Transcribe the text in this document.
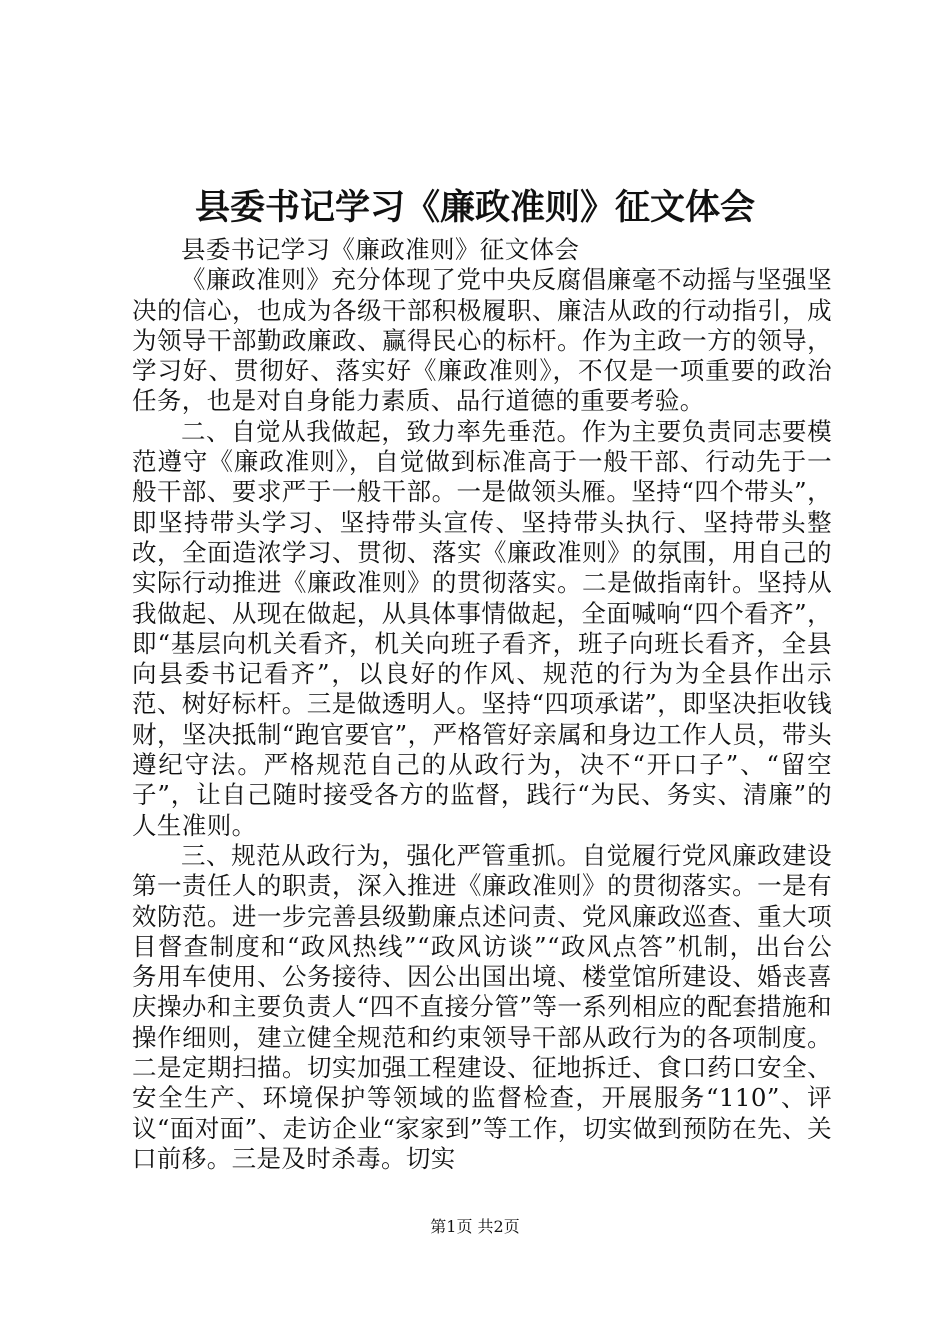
县委书记学习《廉政准则》征文体会

县委书记学习《廉政准则》征文体会

《廉政准则》充分体现了党中央反腐倡廉毫不动摇与坚强坚决的信心，也成为各级干部积极履职、廉洁从政的行动指引，成为领导干部勤政廉政、赢得民心的标杆。作为主政一方的领导，学习好、贯彻好、落实好《廉政准则》，不仅是一项重要的政治任务，也是对自身能力素质、品行道德的重要考验。

二、自觉从我做起，致力率先垂范。作为主要负责同志要模范遵守《廉政准则》，自觉做到标准高于一般干部、行动先于一般干部、要求严于一般干部。一是做领头雁。坚持“四个带头”，即坚持带头学习、坚持带头宣传、坚持带头执行、坚持带头整改，全面造浓学习、贯彻、落实《廉政准则》的氛围，用自己的实际行动推进《廉政准则》的贯彻落实。二是做指南针。坚持从我做起、从现在做起，从具体事情做起，全面喊响“四个看齐”，即“基层向机关看齐，机关向班子看齐，班子向班长看齐，全县向县委书记看齐”，以良好的作风、规范的行为为全县作出示范、树好标杆。三是做透明人。坚持“四项承诺”，即坚决拒收钱财，坚决抵制“跑官要官”，严格管好亲属和身边工作人员，带头遵纪守法。严格规范自己的从政行为，决不“开口子”、“留空子”，让自己随时接受各方的监督，践行“为民、务实、清廉”的人生准则。

三、规范从政行为，强化严管重抓。自觉履行党风廉政建设第一责任人的职责，深入推进《廉政准则》的贯彻落实。一是有效防范。进一步完善县级勤廉点述问责、党风廉政巡查、重大项目督查制度和“政风热线”“政风访谈”“政风点答”机制，出台公务用车使用、公务接待、因公出国出境、楼堂馆所建设、婚丧喜庆操办和主要负责人“四不直接分管”等一系列相应的配套措施和操作细则，建立健全规范和约束领导干部从政行为的各项制度。二是定期扫描。切实加强工程建设、征地拆迁、食口药口安全、安全生产、环境保护等领域的监督检查，开展服务“110”、评议“面对面”、走访企业“家家到”等工作，切实做到预防在先、关口前移。三是及时杀毒。切实

第1页 共2页
